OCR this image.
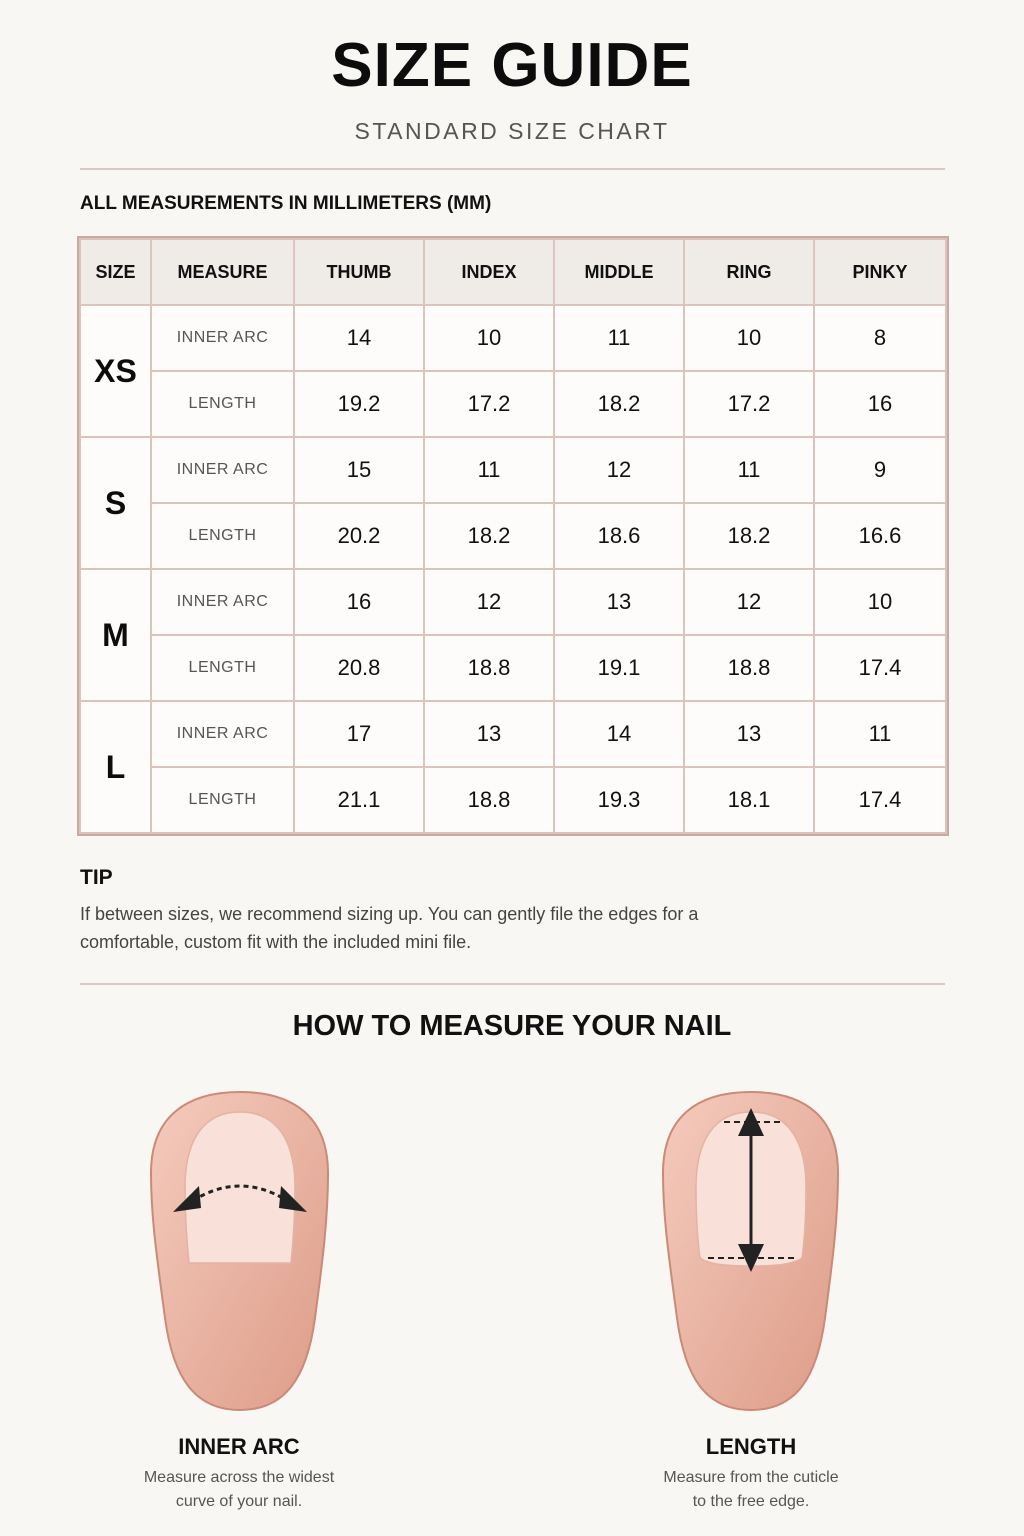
SIZE GUIDE
STANDARD SIZE CHART
ALL MEASUREMENTS IN MILLIMETERS (MM)
SIZE	MEASURE	THUMB	INDEX	MIDDLE	RING	PINKY
XS	INNER ARC	14	10	11	10	8
	LENGTH	19.2	17.2	18.2	17.2	16
S	INNER ARC	15	11	12	11	9
	LENGTH	20.2	18.2	18.6	18.2	16.6
M	INNER ARC	16	12	13	12	10
	LENGTH	20.8	18.8	19.1	18.8	17.4
L	INNER ARC	17	13	14	13	11
	LENGTH	21.1	18.8	19.3	18.1	17.4
TIP
If between sizes, we recommend sizing up. You can gently file the edges for a comfortable, custom fit with the included mini file.
HOW TO MEASURE YOUR NAIL
INNER ARC
Measure across the widest
curve of your nail.
LENGTH
Measure from the cuticle
to the free edge.
